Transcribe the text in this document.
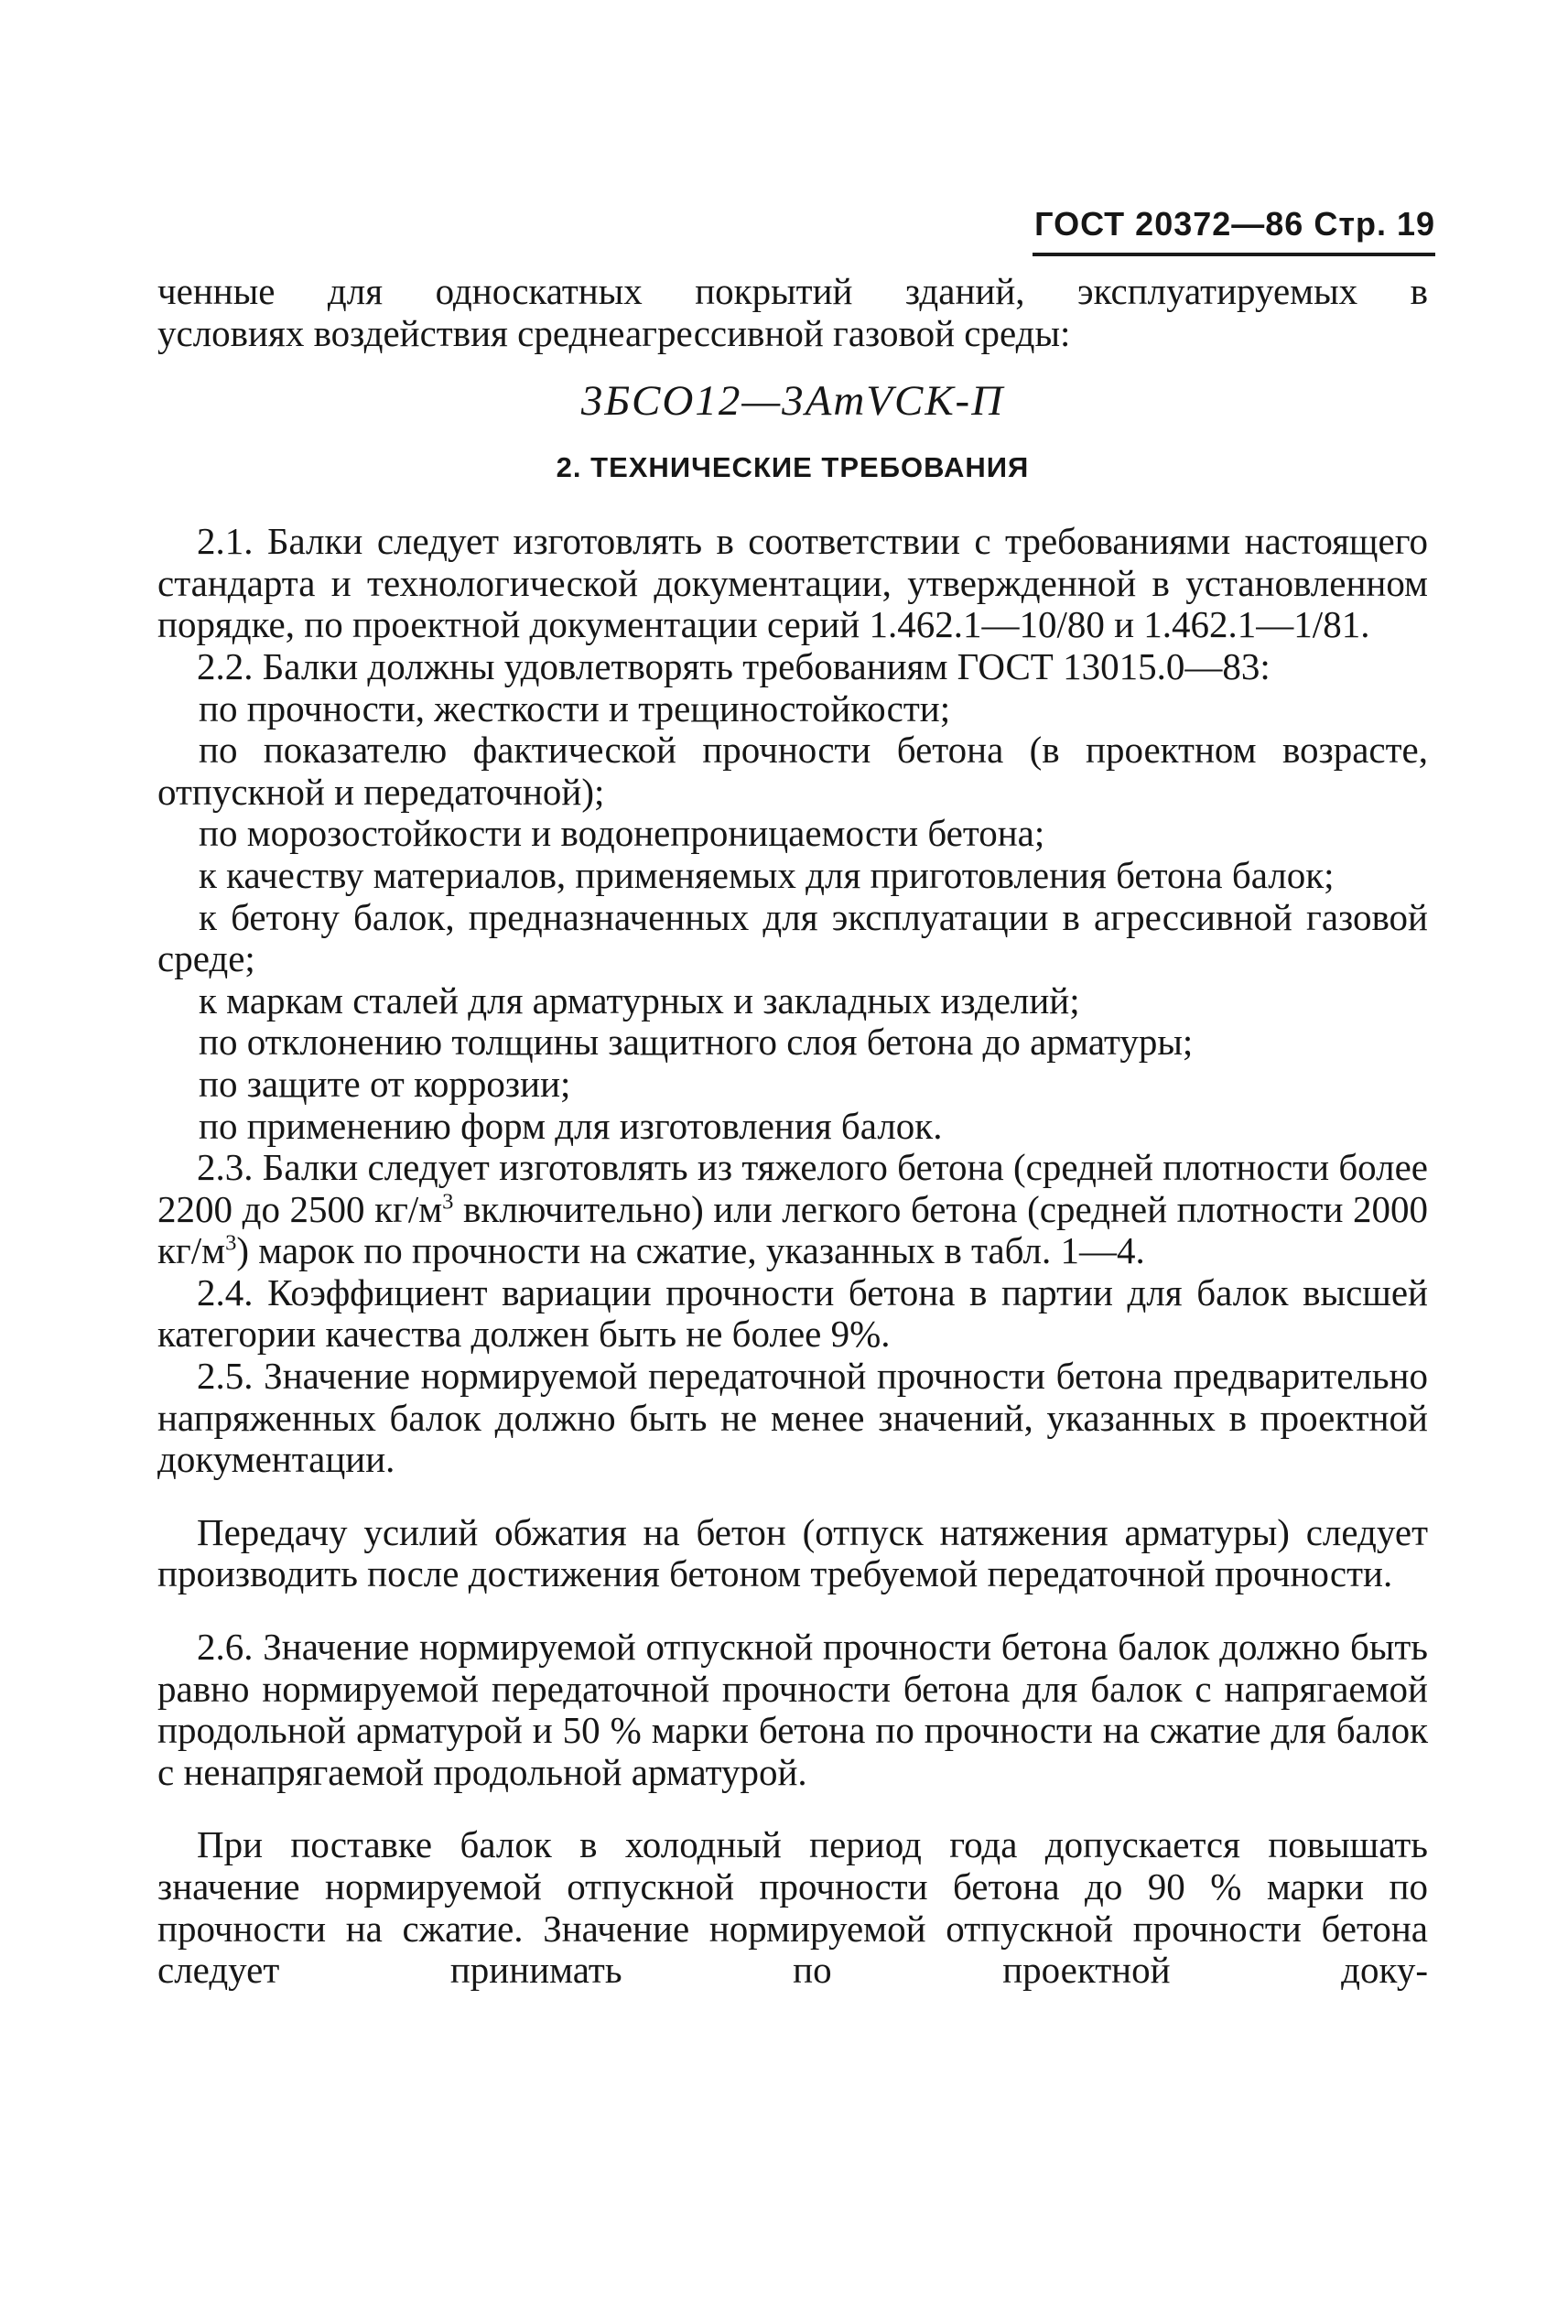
ГОСТ 20372—86 Стр. 19

ченные для односкатных покрытий зданий, эксплуатируемых в

условиях воздействия среднеагрессивной газовой среды:

3БСО12—3АтVСК-П
2. ТЕХНИЧЕСКИЕ ТРЕБОВАНИЯ

2.1. Балки следует изготовлять в соответствии с требованиями настоящего стандарта и технологической документации, утвержденной в установленном порядке, по проектной документации серий 1.462.1—10/80 и 1.462.1—1/81.

2.2. Балки должны удовлетворять требованиям ГОСТ 13015.0—83:

по прочности, жесткости и трещиностойкости;

по показателю фактической прочности бетона (в проектном возрасте, отпускной и передаточной);

по морозостойкости и водонепроницаемости бетона;

к качеству материалов, применяемых для приготовления бетона балок;

к бетону балок, предназначенных для эксплуатации в агрессивной газовой среде;

к маркам сталей для арматурных и закладных изделий;

по отклонению толщины защитного слоя бетона до арматуры;

по защите от коррозии;

по применению форм для изготовления балок.

2.3. Балки следует изготовлять из тяжелого бетона (средней плотности более 2200 до 2500 $кг/м^3$ включительно) или легкого бетона (средней плотности 2000 $кг/м^3$) марок по прочности на сжатие, указанных в табл. 1—4.

2.4. Коэффициент вариации прочности бетона в партии для балок высшей категории качества должен быть не более 9%.

2.5. Значение нормируемой передаточной прочности бетона предварительно напряженных балок должно быть не менее значений, указанных в проектной документации.

Передачу усилий обжатия на бетон (отпуск натяжения арматуры) следует производить после достижения бетоном требуемой передаточной прочности.

2.6. Значение нормируемой отпускной прочности бетона балок должно быть равно нормируемой передаточной прочности бетона для балок с напрягаемой продольной арматурой и 50 % марки бетона по прочности на сжатие для балок с ненапрягаемой продольной арматурой.

При поставке балок в холодный период года допускается повышать значение нормируемой отпускной прочности бетона до 90 % марки по прочности на сжатие. Значение нормируемой отпускной прочности бетона следует принимать по проектной доку-
